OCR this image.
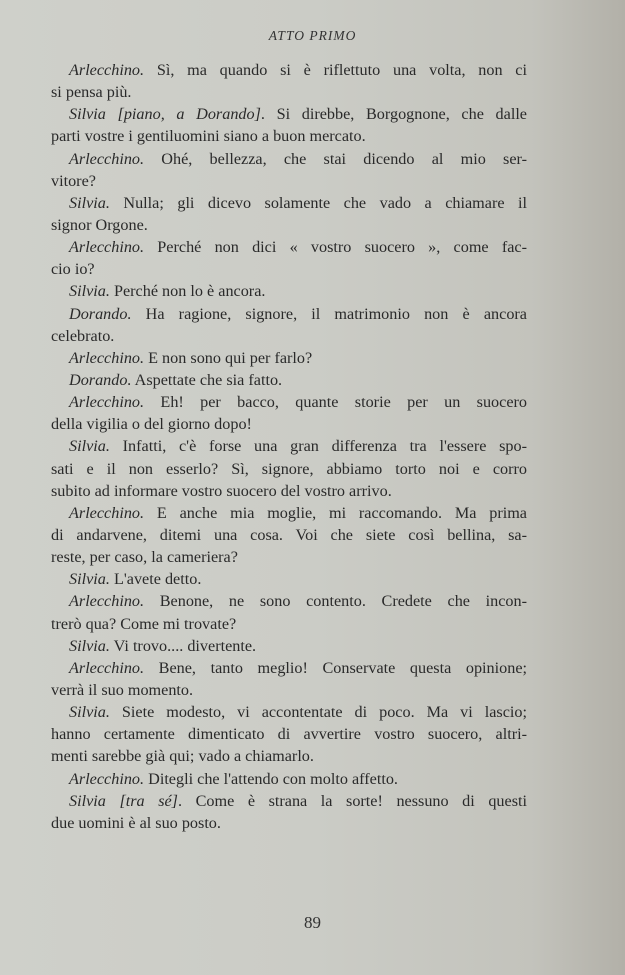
ATTO PRIMO
Arlecchino. Sì, ma quando si è riflettuto una volta, non ci
si pensa più.
Silvia [piano, a Dorando]. Si direbbe, Borgognone, che dalle
parti vostre i gentiluomini siano a buon mercato.
Arlecchino. Ohé, bellezza, che stai dicendo al mio ser-
vitore?
Silvia. Nulla; gli dicevo solamente che vado a chiamare il
signor Orgone.
Arlecchino. Perché non dici « vostro suocero », come fac-
cio io?
Silvia. Perché non lo è ancora.
Dorando. Ha ragione, signore, il matrimonio non è ancora
celebrato.
Arlecchino. E non sono qui per farlo?
Dorando. Aspettate che sia fatto.
Arlecchino. Eh! per bacco, quante storie per un suocero
della vigilia o del giorno dopo!
Silvia. Infatti, c'è forse una gran differenza tra l'essere spo-
sati e il non esserlo? Sì, signore, abbiamo torto noi e corro
subito ad informare vostro suocero del vostro arrivo.
Arlecchino. E anche mia moglie, mi raccomando. Ma prima
di andarvene, ditemi una cosa. Voi che siete così bellina, sa-
reste, per caso, la cameriera?
Silvia. L'avete detto.
Arlecchino. Benone, ne sono contento. Credete che incon-
trerò qua? Come mi trovate?
Silvia. Vi trovo.... divertente.
Arlecchino. Bene, tanto meglio! Conservate questa opinione;
verrà il suo momento.
Silvia. Siete modesto, vi accontentate di poco. Ma vi lascio;
hanno certamente dimenticato di avvertire vostro suocero, altri-
menti sarebbe già qui; vado a chiamarlo.
Arlecchino. Ditegli che l'attendo con molto affetto.
Silvia [tra sé]. Come è strana la sorte! nessuno di questi
due uomini è al suo posto.
89
